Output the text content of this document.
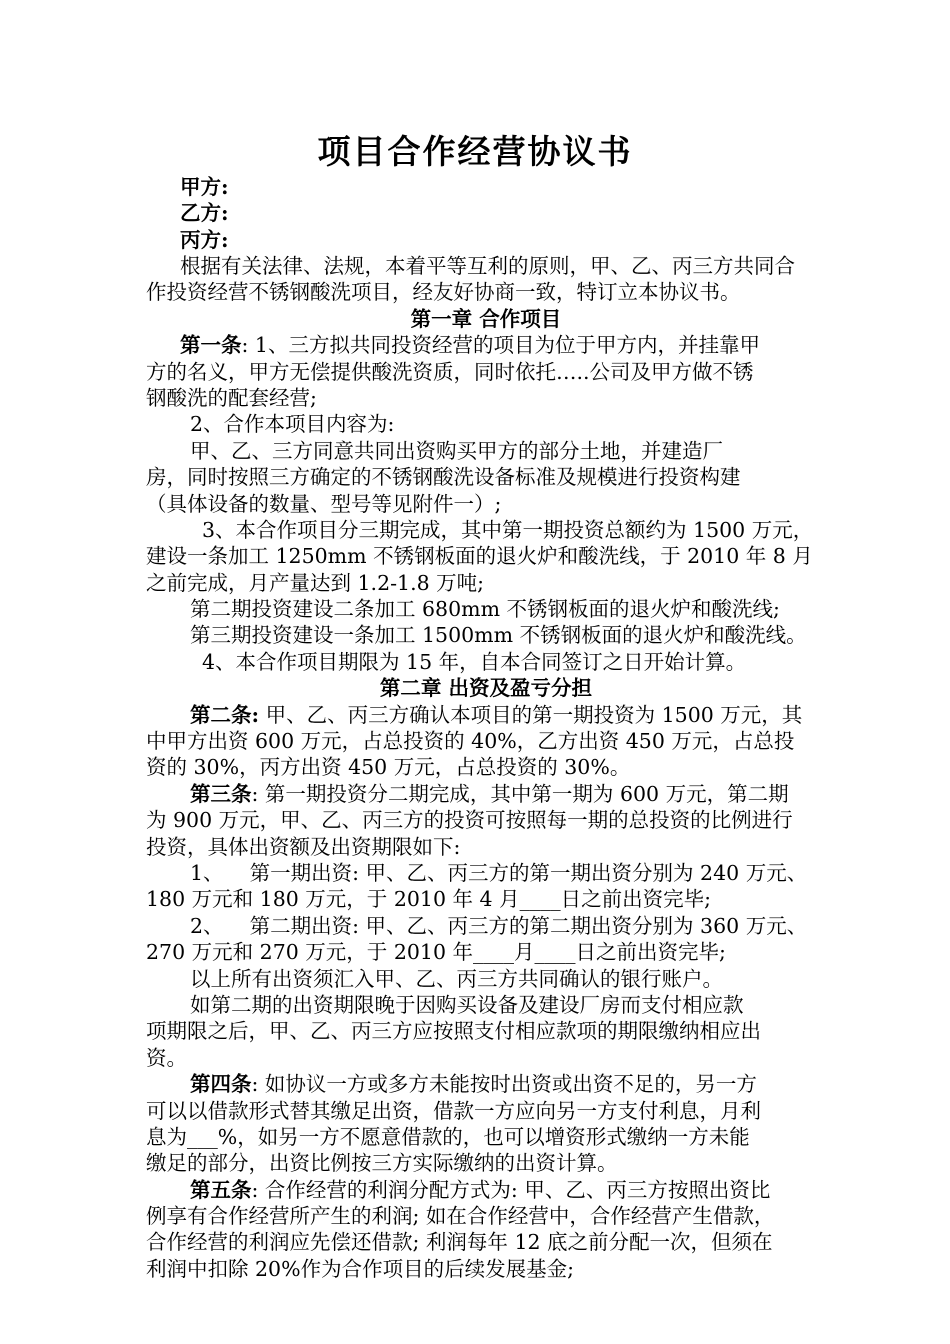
项目合作经营协议书
甲方:
乙方:
丙方:
根据有关法律、法规，本着平等互利的原则，甲、乙、丙三方共同合
作投资经营不锈钢酸洗项目，经友好协商一致，特订立本协议书。
第一章 合作项目
第一条: 1、三方拟共同投资经营的项目为位于甲方内，并挂靠甲
方的名义，甲方无偿提供酸洗资质，同时依托…..公司及甲方做不锈
钢酸洗的配套经营;
2、合作本项目内容为:
甲、乙、三方同意共同出资购买甲方的部分土地，并建造厂
房，同时按照三方确定的不锈钢酸洗设备标准及规模进行投资构建
（具体设备的数量、型号等见附件一）;
3、本合作项目分三期完成，其中第一期投资总额约为 1500 万元，
建设一条加工 1250mm 不锈钢板面的退火炉和酸洗线，于 2010 年 8 月
之前完成，月产量达到 1.2-1.8 万吨;
第二期投资建设二条加工 680mm 不锈钢板面的退火炉和酸洗线;
第三期投资建设一条加工 1500mm 不锈钢板面的退火炉和酸洗线。
4、本合作项目期限为 15 年，自本合同签订之日开始计算。
第二章 出资及盈亏分担
第二条: 甲、乙、丙三方确认本项目的第一期投资为 1500 万元，其
中甲方出资 600 万元，占总投资的 40%，乙方出资 450 万元，占总投
资的 30%，丙方出资 450 万元，占总投资的 30%。
第三条: 第一期投资分二期完成，其中第一期为 600 万元，第二期
为 900 万元，甲、乙、丙三方的投资可按照每一期的总投资的比例进行
投资，具体出资额及出资期限如下:
1、    第一期出资: 甲、乙、丙三方的第一期出资分别为 240 万元、
180 万元和 180 万元，于 2010 年 4 月____日之前出资完毕;
2、    第二期出资: 甲、乙、丙三方的第二期出资分别为 360 万元、
270 万元和 270 万元，于 2010 年____月____日之前出资完毕;
以上所有出资须汇入甲、乙、丙三方共同确认的银行账户。
如第二期的出资期限晚于因购买设备及建设厂房而支付相应款
项期限之后，甲、乙、丙三方应按照支付相应款项的期限缴纳相应出
资。
第四条: 如协议一方或多方未能按时出资或出资不足的，另一方
可以以借款形式替其缴足出资，借款一方应向另一方支付利息，月利
息为___%，如另一方不愿意借款的，也可以增资形式缴纳一方未能
缴足的部分，出资比例按三方实际缴纳的出资计算。
第五条: 合作经营的利润分配方式为: 甲、乙、丙三方按照出资比
例享有合作经营所产生的利润; 如在合作经营中，合作经营产生借款，
合作经营的利润应先偿还借款; 利润每年 12 底之前分配一次，但须在
利润中扣除 20%作为合作项目的后续发展基金;
